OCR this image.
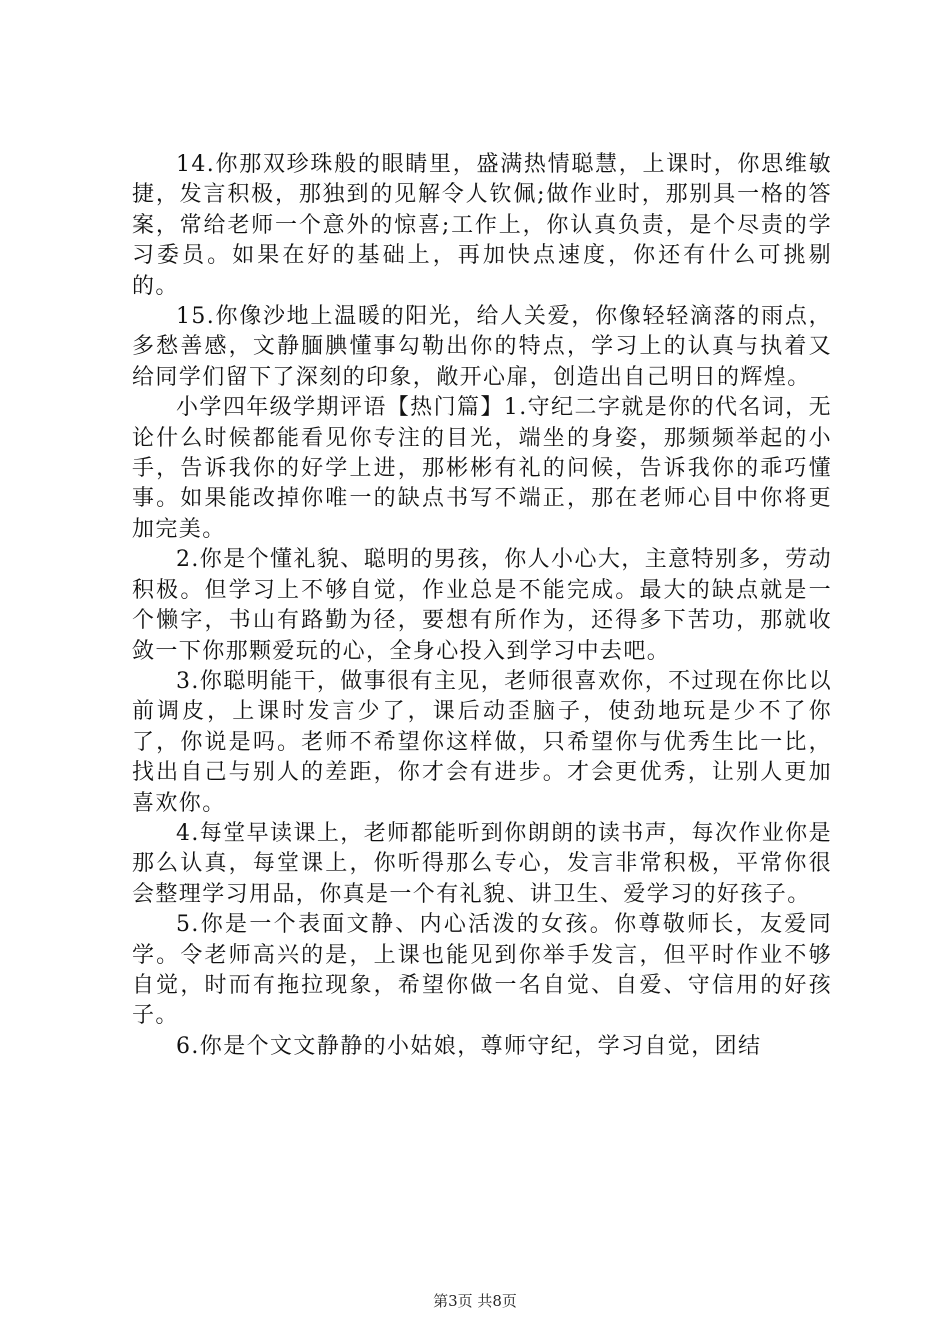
14.你那双珍珠般的眼睛里，盛满热情聪慧，上课时，你思维敏捷，发言积极，那独到的见解令人钦佩;做作业时，那别具一格的答案，常给老师一个意外的惊喜;工作上，你认真负责，是个尽责的学习委员。如果在好的基础上，再加快点速度，你还有什么可挑剔的。

15.你像沙地上温暖的阳光，给人关爱，你像轻轻滴落的雨点，多愁善感，文静腼腆懂事勾勒出你的特点，学习上的认真与执着又给同学们留下了深刻的印象，敞开心扉，创造出自己明日的辉煌。

小学四年级学期评语【热门篇】1.守纪二字就是你的代名词，无论什么时候都能看见你专注的目光，端坐的身姿，那频频举起的小手，告诉我你的好学上进，那彬彬有礼的问候，告诉我你的乖巧懂事。如果能改掉你唯一的缺点书写不端正，那在老师心目中你将更加完美。

2.你是个懂礼貌、聪明的男孩，你人小心大，主意特别多，劳动积极。但学习上不够自觉，作业总是不能完成。最大的缺点就是一个懒字，书山有路勤为径，要想有所作为，还得多下苦功，那就收敛一下你那颗爱玩的心，全身心投入到学习中去吧。

3.你聪明能干，做事很有主见，老师很喜欢你，不过现在你比以前调皮，上课时发言少了，课后动歪脑子，使劲地玩是少不了你了，你说是吗。老师不希望你这样做，只希望你与优秀生比一比，找出自己与别人的差距，你才会有进步。才会更优秀，让别人更加喜欢你。

4.每堂早读课上，老师都能听到你朗朗的读书声，每次作业你是那么认真，每堂课上，你听得那么专心，发言非常积极，平常你很会整理学习用品，你真是一个有礼貌、讲卫生、爱学习的好孩子。

5.你是一个表面文静、内心活泼的女孩。你尊敬师长，友爱同学。令老师高兴的是，上课也能见到你举手发言，但平时作业不够自觉，时而有拖拉现象，希望你做一名自觉、自爱、守信用的好孩子。

6.你是个文文静静的小姑娘，尊师守纪，学习自觉，团结

第3页 共8页
